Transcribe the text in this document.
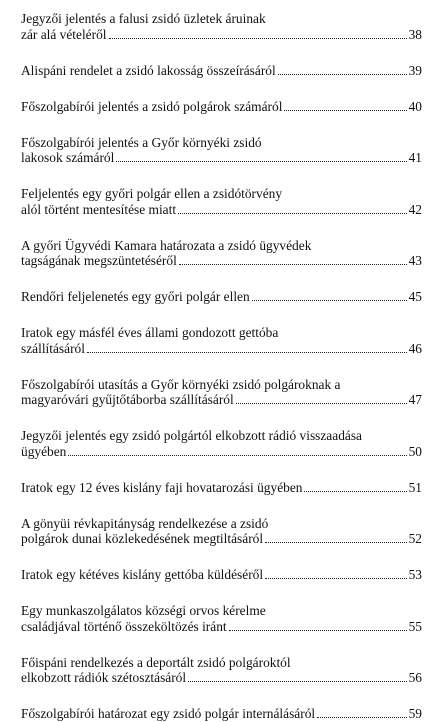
Jegyzői jelentés a falusi zsidó üzletek áruinak
zár alá vételéről	38
Alispáni rendelet a zsidó lakosság összeírásáról	39
Főszolgabírói jelentés a zsidó polgárok számáról	40
Főszolgabírói jelentés a Győr környéki zsidó
lakosok számáról	41
Feljelentés egy győri polgár ellen a zsidótörvény
alól történt mentesítése miatt	42
A győri Ügyvédi Kamara határozata a zsidó ügyvédek
tagságának megszüntetéséről	43
Rendőri feljelenetés egy győri polgár ellen	45
Iratok egy másfél éves állami gondozott gettóba
szállításáról	46
Főszolgabírói utasítás a Győr környéki zsidó polgároknak a
magyaróvári gyűjtőtáborba szállításáról	47
Jegyzői jelentés egy zsidó polgártól elkobzott rádió visszaadása
ügyében	50
Iratok egy 12 éves kislány faji hovatarozási ügyében	51
A gönyüi révkapitányság rendelkezése a zsidó
polgárok dunai közlekedésének megtiltásáról	52
Iratok egy kétéves kislány gettóba küldéséről	53
Egy munkaszolgálatos községi orvos kérelme
családjával történő összeköltözés iránt	55
Főispáni rendelkezés a deportált zsidó polgároktól
elkobzott rádiók szétosztásáról	56
Főszolgabírói határozat egy zsidó polgár internálásáról	59
